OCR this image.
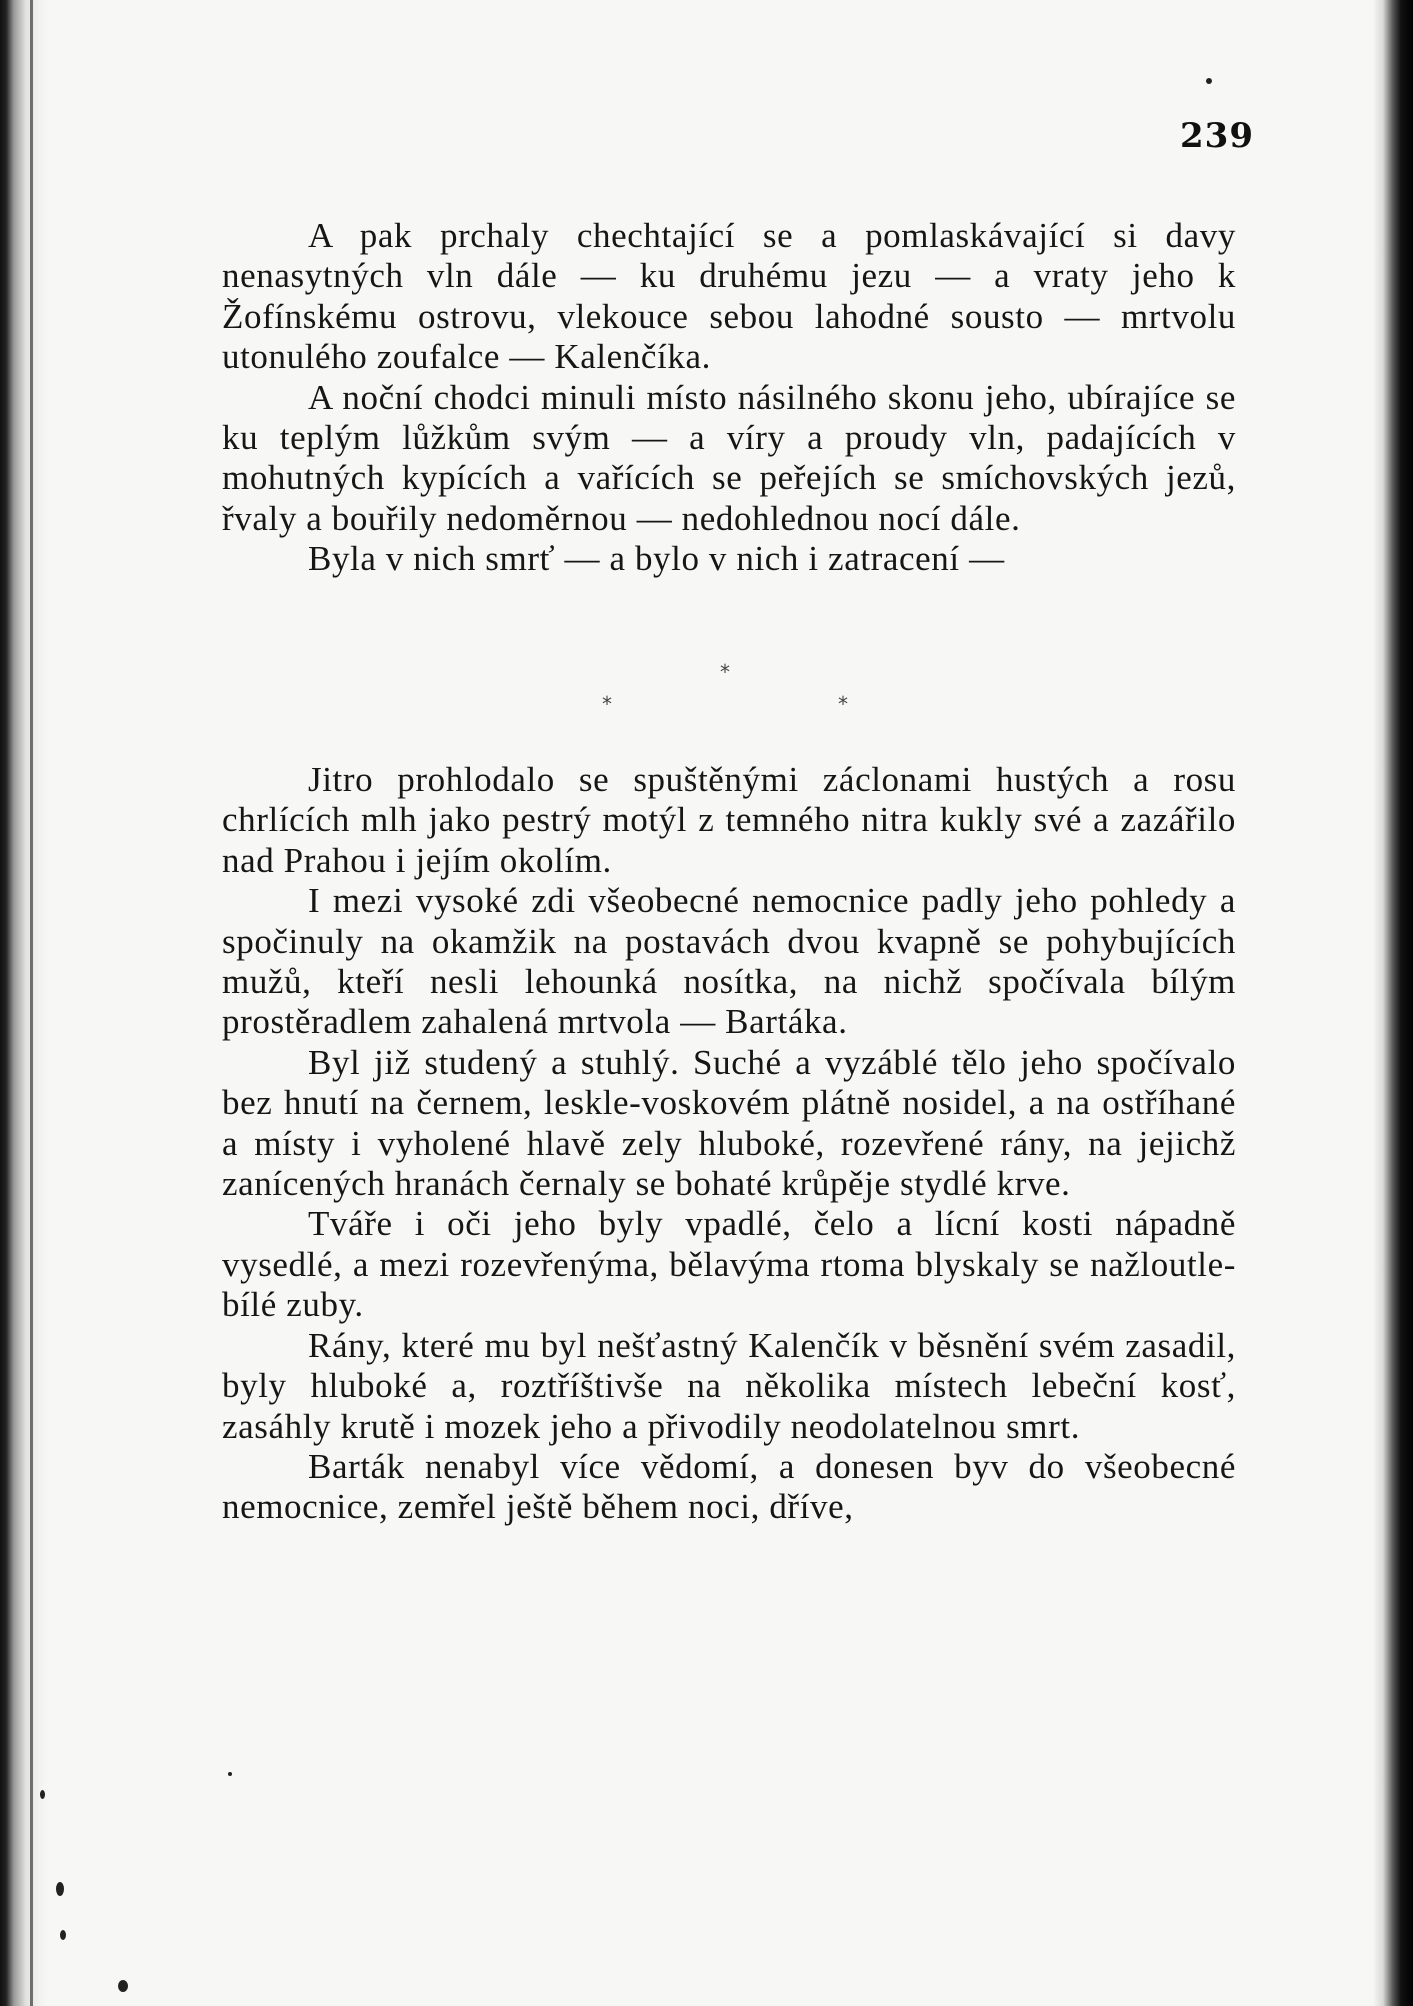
239

A pak prchaly chechtající se a pomlaskávající si davy nenasytných vln dále — ku druhému jezu — a vraty jeho k Žofínskému ostrovu, vlekouce sebou lahodné sousto — mrtvolu utonulého zoufalce — Kalenčíka.

A noční chodci minuli místo násilného skonu jeho, ubírajíce se ku teplým lůžkům svým — a víry a proudy vln, padajících v mohutných kypících a vařících se peřejích se smíchovských jezů, řvaly a bouřily nedoměrnou — nedohlednou nocí dále.

Byla v nich smrť — a bylo v nich i zatracení —

*
*	*

Jitro prohlodalo se spuštěnými záclonami hustých a rosu chrlících mlh jako pestrý motýl z temného nitra kukly své a zazářilo nad Prahou i jejím okolím.

I mezi vysoké zdi všeobecné nemocnice padly jeho pohledy a spočinuly na okamžik na postavách dvou kvapně se pohybujících mužů, kteří nesli lehounká nosítka, na nichž spočívala bílým prostěradlem zahalená mrtvola — Bartáka.

Byl již studený a stuhlý. Suché a vyzáblé tělo jeho spočívalo bez hnutí na černem, leskle-voskovém plátně nosidel, a na ostříhané a místy i vyholené hlavě zely hluboké, rozevřené rány, na jejichž zanícených hranách černaly se bohaté krůpěje stydlé krve.

Tváře i oči jeho byly vpadlé, čelo a lícní kosti nápadně vysedlé, a mezi rozevřenýma, bělavýma rtoma blyskaly se nažloutle-bílé zuby.

Rány, které mu byl nešťastný Kalenčík v běsnění svém zasadil, byly hluboké a, roztříštivše na několika místech lebeční kosť, zasáhly krutě i mozek jeho a přivodily neodolatelnou smrt.

Barták nenabyl více vědomí, a donesen byv do všeobecné nemocnice, zemřel ještě během noci, dříve,
